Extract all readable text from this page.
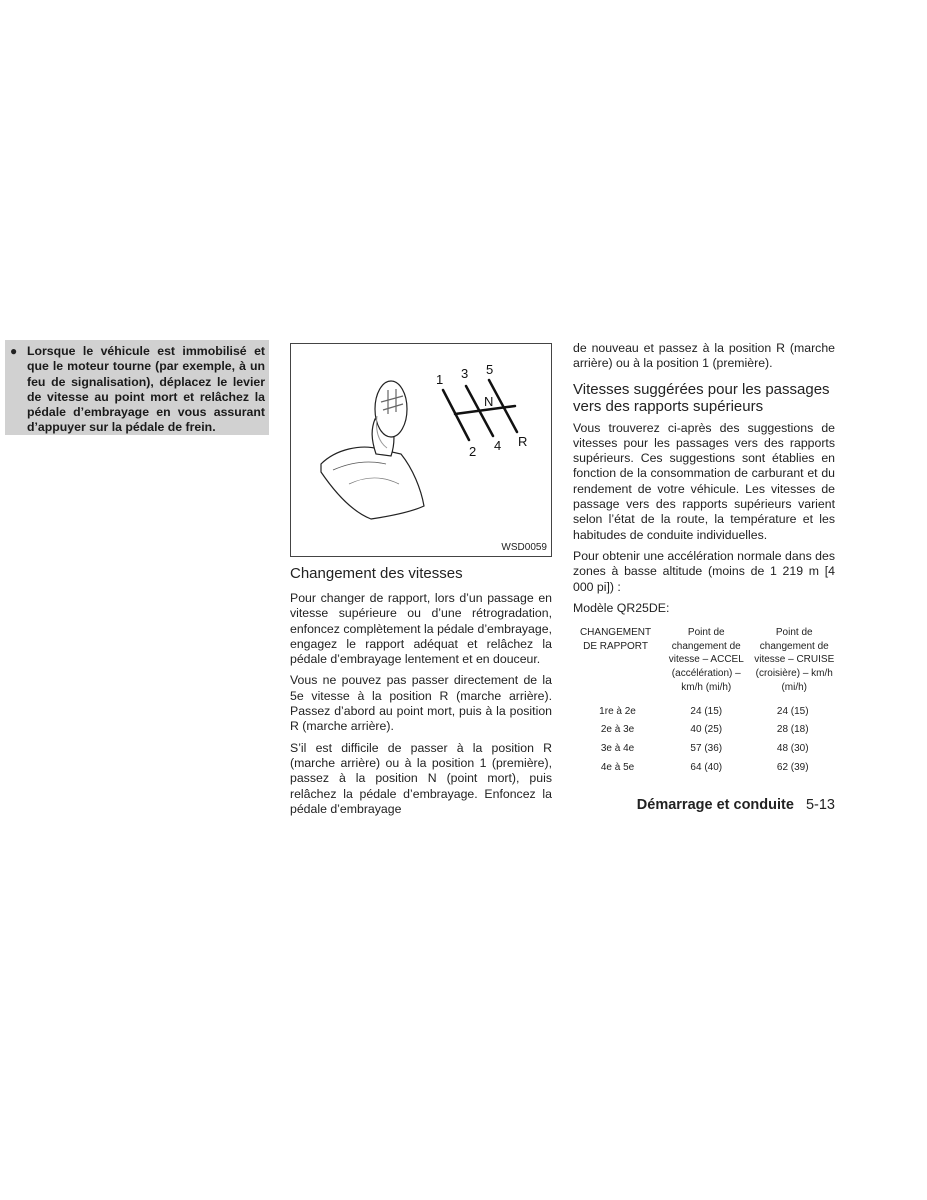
● Lorsque le véhicule est immobilisé et que le moteur tourne (par exemple, à un feu de signalisation), déplacez le levier de vitesse au point mort et relâchez la pédale d’embrayage en vous assurant d’appuyer sur la pédale de frein.
1 3 5
N
2 4 R
WSD0059
Changement des vitesses

Pour changer de rapport, lors d’un passage en vitesse supérieure ou d’une rétrogradation, enfoncez complètement la pédale d’embrayage, engagez le rapport adéquat et relâchez la pédale d’embrayage lentement et en douceur.

Vous ne pouvez pas passer directement de la 5e vitesse à la position R (marche arrière). Passez d’abord au point mort, puis à la position R (marche arrière).

S’il est difficile de passer à la position R (marche arrière) ou à la position 1 (première), passez à la position N (point mort), puis relâchez la pédale d’embrayage. Enfoncez la pédale d’embrayage

de nouveau et passez à la position R (marche arrière) ou à la position 1 (première).

Vitesses suggérées pour les passages vers des rapports supérieurs

Vous trouverez ci-après des suggestions de vitesses pour les passages vers des rapports supérieurs. Ces suggestions sont établies en fonction de la consommation de carburant et du rendement de votre véhicule. Les vitesses de passage vers des rapports supérieurs varient selon l’état de la route, la température et les habitudes de conduite individuelles.

Pour obtenir une accélération normale dans des zones à basse altitude (moins de 1 219 m [4 000 pi]) :

Modèle QR25DE:

CHANGEMENT DE RAPPORT	Point de changement de vitesse – ACCEL (accélération) – km/h (mi/h)	Point de changement de vitesse – CRUISE (croisière) – km/h (mi/h)
1re à 2e	24 (15)	24 (15)
2e à 3e	40 (25)	28 (18)
3e à 4e	57 (36)	48 (30)
4e à 5e	64 (40)	62 (39)
Démarrage et conduite 5-13
